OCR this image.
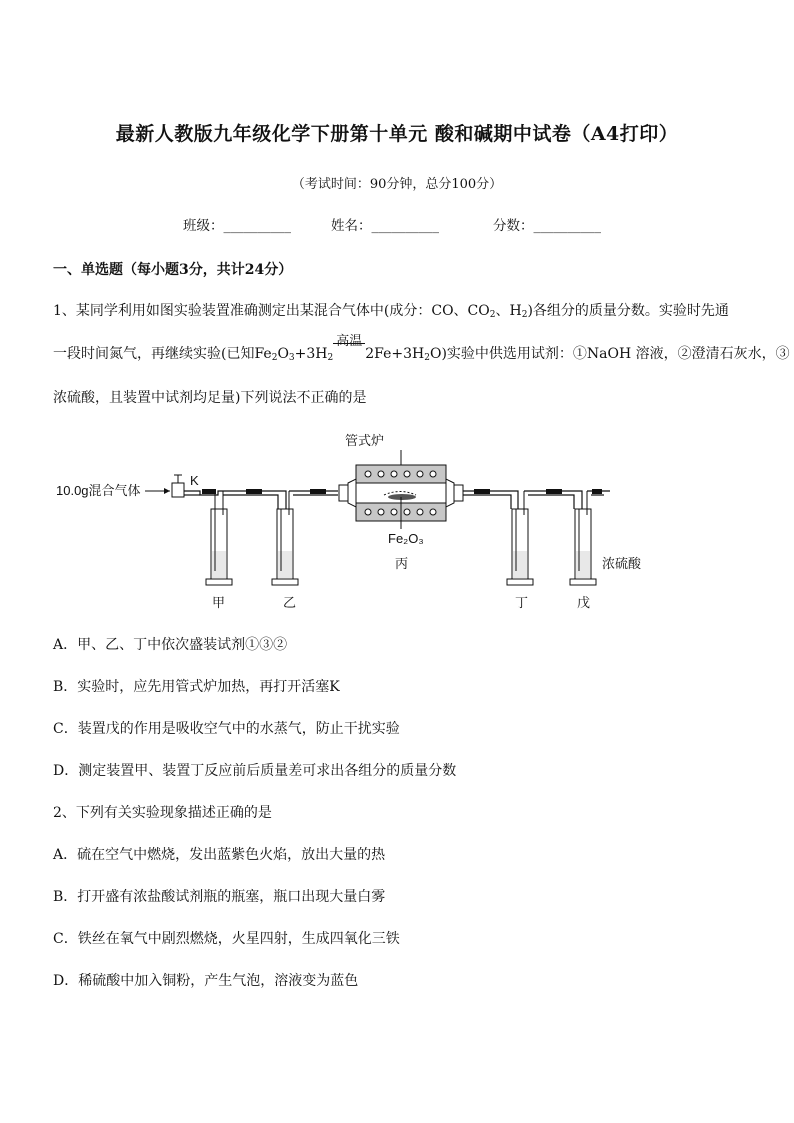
最新人教版九年级化学下册第十单元 酸和碱期中试卷（A4打印）
（考试时间：90分钟，总分100分）
班级：__________	姓名：__________	分数：__________
一、单选题（每小题3分，共计24分）
1、某同学利用如图实验装置准确测定出某混合气体中(成分：CO、$CO_2$、$H_2$)各组分的质量分数。实验时先通
一段时间氮气，再继续实验(已知$Fe_2O_3+3H_2$
高温
$2Fe+3H_2O$)实验中供选用试剂：①NaOH 溶液，②澄清石灰水，③
浓硫酸，且装置中试剂均足量)下列说法不正确的是
10.0g混合气体
K
甲	乙
管式炉
Fe₂O₃
丙
丁	戊
浓硫酸
A．甲、乙、丁中依次盛装试剂①③②
B．实验时，应先用管式炉加热，再打开活塞K
C．装置戊的作用是吸收空气中的水蒸气，防止干扰实验
D．测定装置甲、装置丁反应前后质量差可求出各组分的质量分数
2、下列有关实验现象描述正确的是
A．硫在空气中燃烧，发出蓝紫色火焰，放出大量的热
B．打开盛有浓盐酸试剂瓶的瓶塞，瓶口出现大量白雾
C．铁丝在氧气中剧烈燃烧，火星四射，生成四氧化三铁
D．稀硫酸中加入铜粉，产生气泡，溶液变为蓝色
